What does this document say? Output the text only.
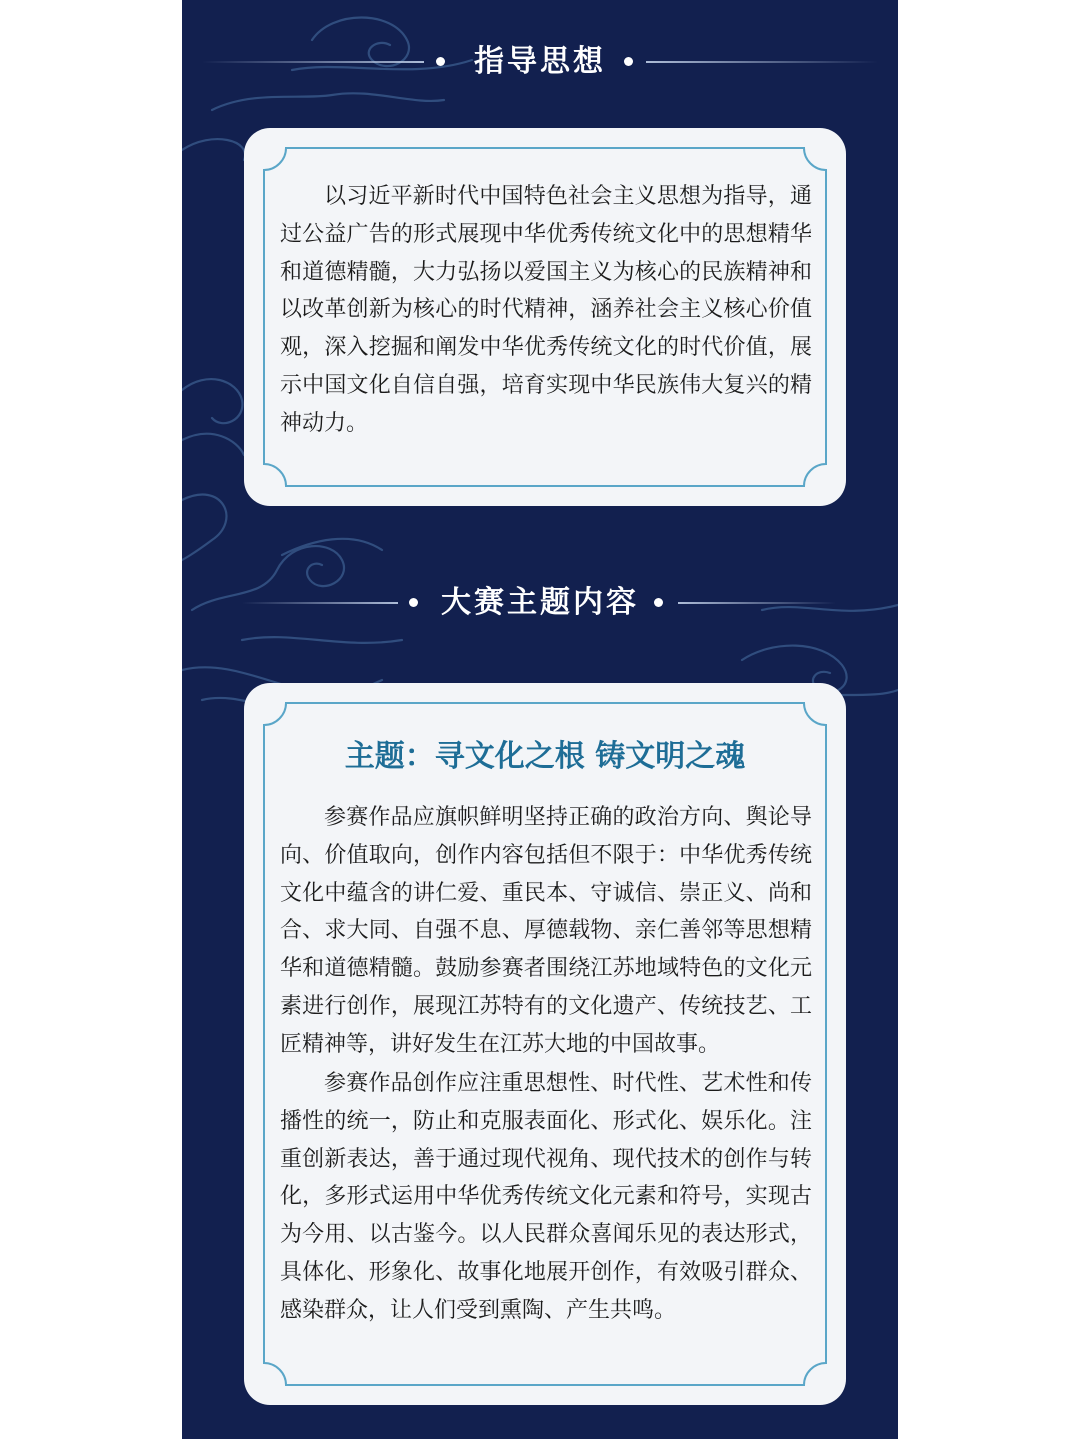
指导思想

以习近平新时代中国特色社会主义思想为指导，通过公益广告的形式展现中华优秀传统文化中的思想精华和道德精髓，大力弘扬以爱国主义为核心的民族精神和以改革创新为核心的时代精神，涵养社会主义核心价值观，深入挖掘和阐发中华优秀传统文化的时代价值，展示中国文化自信自强，培育实现中华民族伟大复兴的精神动力。

大赛主题内容
主题：寻文化之根 铸文明之魂

参赛作品应旗帜鲜明坚持正确的政治方向、舆论导向、价值取向，创作内容包括但不限于：中华优秀传统文化中蕴含的讲仁爱、重民本、守诚信、崇正义、尚和合、求大同、自强不息、厚德载物、亲仁善邻等思想精华和道德精髓。鼓励参赛者围绕江苏地域特色的文化元素进行创作，展现江苏特有的文化遗产、传统技艺、工匠精神等，讲好发生在江苏大地的中国故事。

参赛作品创作应注重思想性、时代性、艺术性和传播性的统一，防止和克服表面化、形式化、娱乐化。注重创新表达，善于通过现代视角、现代技术的创作与转化，多形式运用中华优秀传统文化元素和符号，实现古为今用、以古鉴今。以人民群众喜闻乐见的表达形式，具体化、形象化、故事化地展开创作，有效吸引群众、感染群众，让人们受到熏陶、产生共鸣。
